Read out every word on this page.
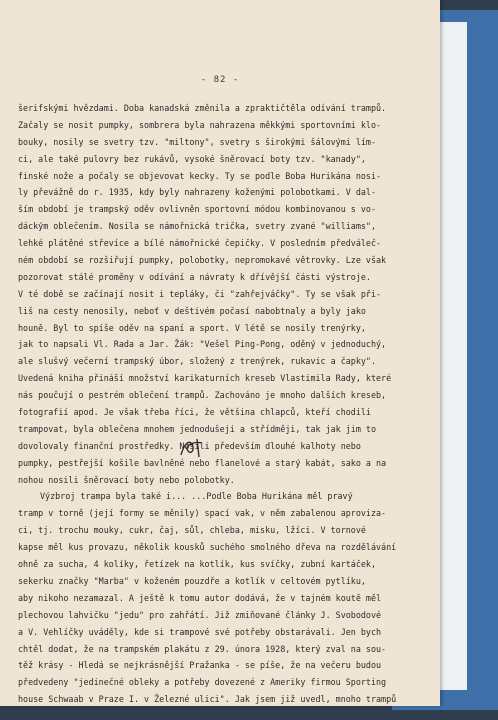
- 82 -
šerifskými hvězdami. Doba kanadská změnila a zpraktičtěla odívání trampů.
Začaly se nosit pumpky, sombrera byla nahrazena měkkými sportovními klo-
bouky, nosily se svetry tzv. "miltony", svetry s širokými šálovými lím-
ci, ale také pulovry bez rukávů, vysoké šněrovací boty tzv. "kanady",
finské nože a počaly se objevovat kecky. Ty se podle Boba Hurikána nosi-
ly převážně do r. 1935, kdy byly nahrazeny koženými polobotkami. V dal-
ším období je trampský oděv ovlivněn sportovní módou kombinovanou s vo-
dáckým oblečením. Nosila se námořnická trička, svetry zvané "williams",
lehké plátěné střevíce a bílé námořnické čepičky. V posledním předváleč-
ném období se rozšiřují pumpky, polobotky, nepromokavé větrovky. Lze však
pozorovat stálé proměny v odívání a návraty k dřívější části výstroje.
V té době se začínají nosit i tepláky, či "zahřejváčky". Ty se však při-
liš na cesty nenosily, neboť v deštivém počasí nabobtnaly a byly jako
houně. Byl to spíše oděv na spaní a sport. V létě se nosily trenýrky,
jak to napsali Vl. Rada a Jar. Žák: "Vešel Ping-Pong, oděný v jednoduchý,
ale slušvý večerní trampský úbor, složený z trenýrek, rukavic a čapky".
Uvedená kniha přináší množství karikaturních kreseb Vlastimila Rady, které
nás poučují o pestrém oblečení trampů. Zachováno je mnoho dalších kreseb,
fotografií apod. Je však třeba říci, že většina chlapců, kteří chodili
trampovat, byla oblečena mnohem jednodušeji a střídměji, tak jak jim to
dovolovaly finanční prostředky. Nosili především dlouhé kalhoty nebo
pumpky, pestřejší košile bavlněné nebo flanelové a starý kabát, sako a na
nohou nosili šněrovací boty nebo polobotky.
Výzbroj trampa byla také i... ...Podle Boba Hurikána měl pravý
tramp v torně (její formy se měnily) spací vak, v něm zabalenou aproviza-
ci, tj. trochu mouky, cukr, čaj, sůl, chleba, misku, lžíci. V tornové
kapse měl kus provazu, několik kousků suchého smolného dřeva na rozdělávání
ohně za sucha, 4 kolíky, řetízek na kotlík, kus svíčky, zubní kartáček,
sekerku značky "Marba" v koženém pouzdře a kotlík v celtovém pytlíku,
aby nikoho nezamazal. A ještě k tomu autor dodává, že v tajném koutě měl
plechovou lahvičku "jedu" pro zahřátí. Již zmiňované články J. Svobodové
a V. Vehlíčky uváděly, kde si trampové své potřeby obstarávali. Jen bych
chtěl dodat, že na trampském plakátu z 29. února 1928, který zval na sou-
těž krásy - Hledá se nejkrásnější Pražanka - se píše, že na večeru budou
předvedeny "jedinečné obleky a potřeby dovezené z Ameriky firmou Sporting
house Schwaab v Praze I. v Železné ulici". Jak jsem již uvedl, mnoho trampů
